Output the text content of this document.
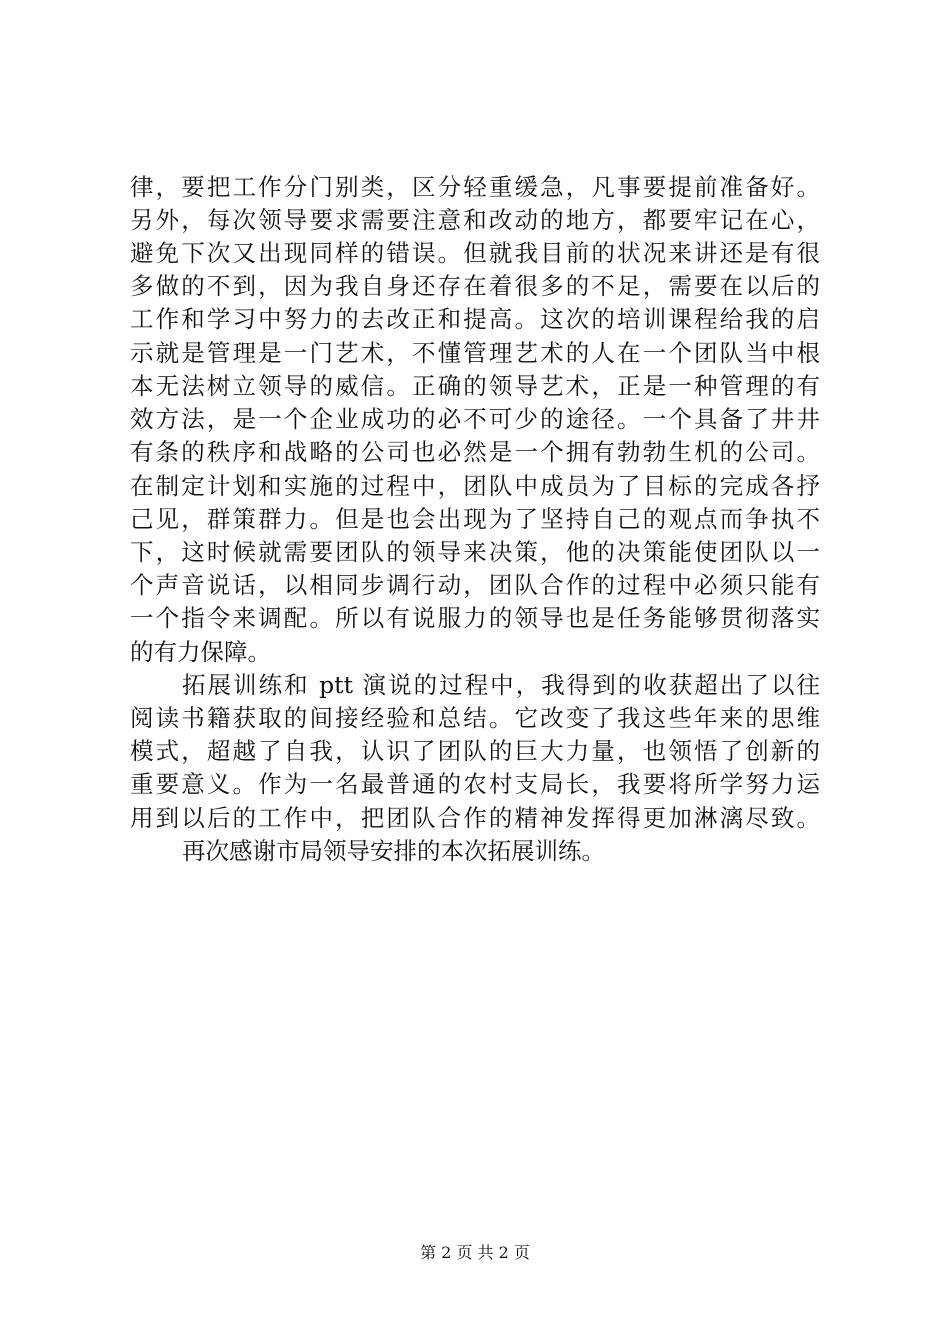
律，要把工作分门别类，区分轻重缓急，凡事要提前准备好。
另外，每次领导要求需要注意和改动的地方，都要牢记在心，
避免下次又出现同样的错误。但就我目前的状况来讲还是有很
多做的不到，因为我自身还存在着很多的不足，需要在以后的
工作和学习中努力的去改正和提高。这次的培训课程给我的启
示就是管理是一门艺术，不懂管理艺术的人在一个团队当中根
本无法树立领导的威信。正确的领导艺术，正是一种管理的有
效方法，是一个企业成功的必不可少的途径。一个具备了井井
有条的秩序和战略的公司也必然是一个拥有勃勃生机的公司。
在制定计划和实施的过程中，团队中成员为了目标的完成各抒
己见，群策群力。但是也会出现为了坚持自己的观点而争执不
下，这时候就需要团队的领导来决策，他的决策能使团队以一
个声音说话，以相同步调行动，团队合作的过程中必须只能有
一个指令来调配。所以有说服力的领导也是任务能够贯彻落实
的有力保障。
拓展训练和 ptt 演说的过程中，我得到的收获超出了以往
阅读书籍获取的间接经验和总结。它改变了我这些年来的思维
模式，超越了自我，认识了团队的巨大力量，也领悟了创新的
重要意义。作为一名最普通的农村支局长，我要将所学努力运
用到以后的工作中，把团队合作的精神发挥得更加淋漓尽致。
再次感谢市局领导安排的本次拓展训练。
第 2 页 共 2 页
